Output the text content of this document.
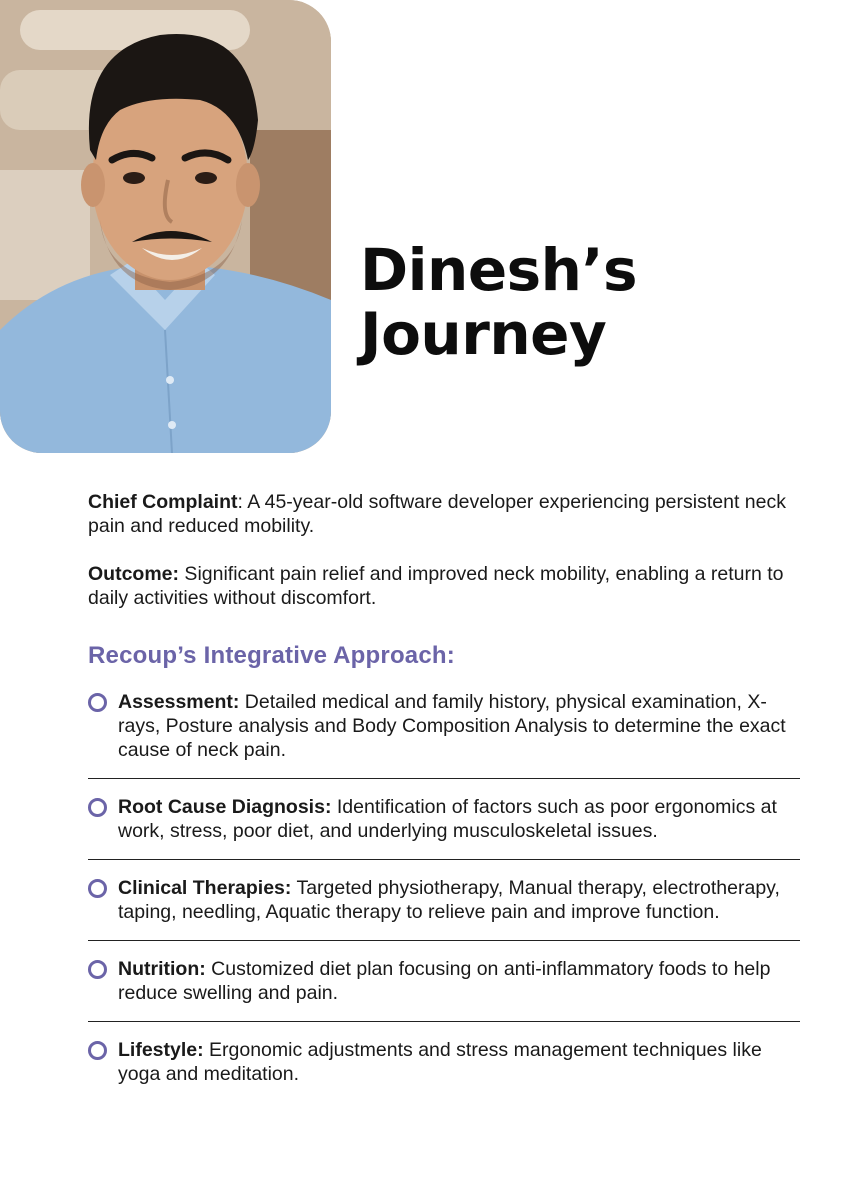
Dinesh’s
Journey

Chief Complaint: A 45-year-old software developer experiencing persistent neck pain and reduced mobility.

Outcome: Significant pain relief and improved neck mobility, enabling a return to daily activities without discomfort.

Recoup’s Integrative Approach:

Assessment: Detailed medical and family history, physical examination, X-rays, Posture analysis and Body Composition Analysis to determine the exact cause of neck pain.

Root Cause Diagnosis: Identification of factors such as poor ergonomics at work, stress, poor diet, and underlying musculoskeletal issues.

Clinical Therapies: Targeted physiotherapy, Manual therapy, electrotherapy, taping, needling, Aquatic therapy to relieve pain and improve function.

Nutrition: Customized diet plan focusing on anti-inflammatory foods to help reduce swelling and pain.

Lifestyle: Ergonomic adjustments and stress management techniques like yoga and meditation.
